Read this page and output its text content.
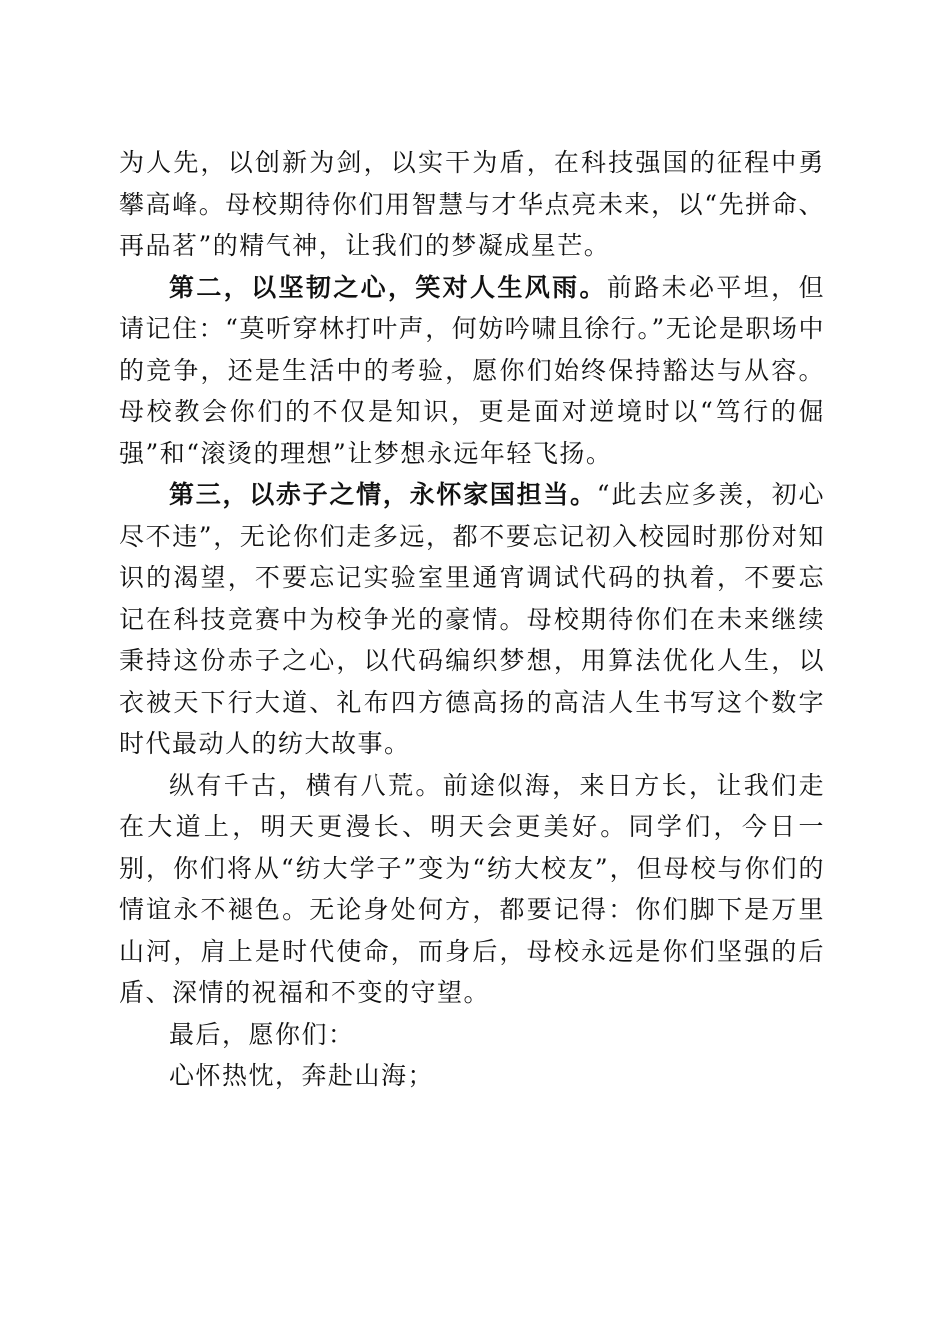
为人先，以创新为剑，以实干为盾，在科技强国的征程中勇攀高峰。母校期待你们用智慧与才华点亮未来，以“先拼命、再品茗”的精气神，让我们的梦凝成星芒。

第二，以坚韧之心，笑对人生风雨。前路未必平坦，但请记住：“莫听穿林打叶声，何妨吟啸且徐行。”无论是职场中的竞争，还是生活中的考验，愿你们始终保持豁达与从容。母校教会你们的不仅是知识，更是面对逆境时以“笃行的倔强”和“滚烫的理想”让梦想永远年轻飞扬。

第三，以赤子之情，永怀家国担当。“此去应多羡，初心尽不违”，无论你们走多远，都不要忘记初入校园时那份对知识的渴望，不要忘记实验室里通宵调试代码的执着，不要忘记在科技竞赛中为校争光的豪情。母校期待你们在未来继续秉持这份赤子之心，以代码编织梦想，用算法优化人生，以衣被天下行大道、礼布四方德高扬的高洁人生书写这个数字时代最动人的纺大故事。

纵有千古，横有八荒。前途似海，来日方长，让我们走在大道上，明天更漫长、明天会更美好。同学们，今日一别，你们将从“纺大学子”变为“纺大校友”，但母校与你们的情谊永不褪色。无论身处何方，都要记得：你们脚下是万里山河，肩上是时代使命，而身后，母校永远是你们坚强的后盾、深情的祝福和不变的守望。

最后，愿你们：

心怀热忱，奔赴山海；
